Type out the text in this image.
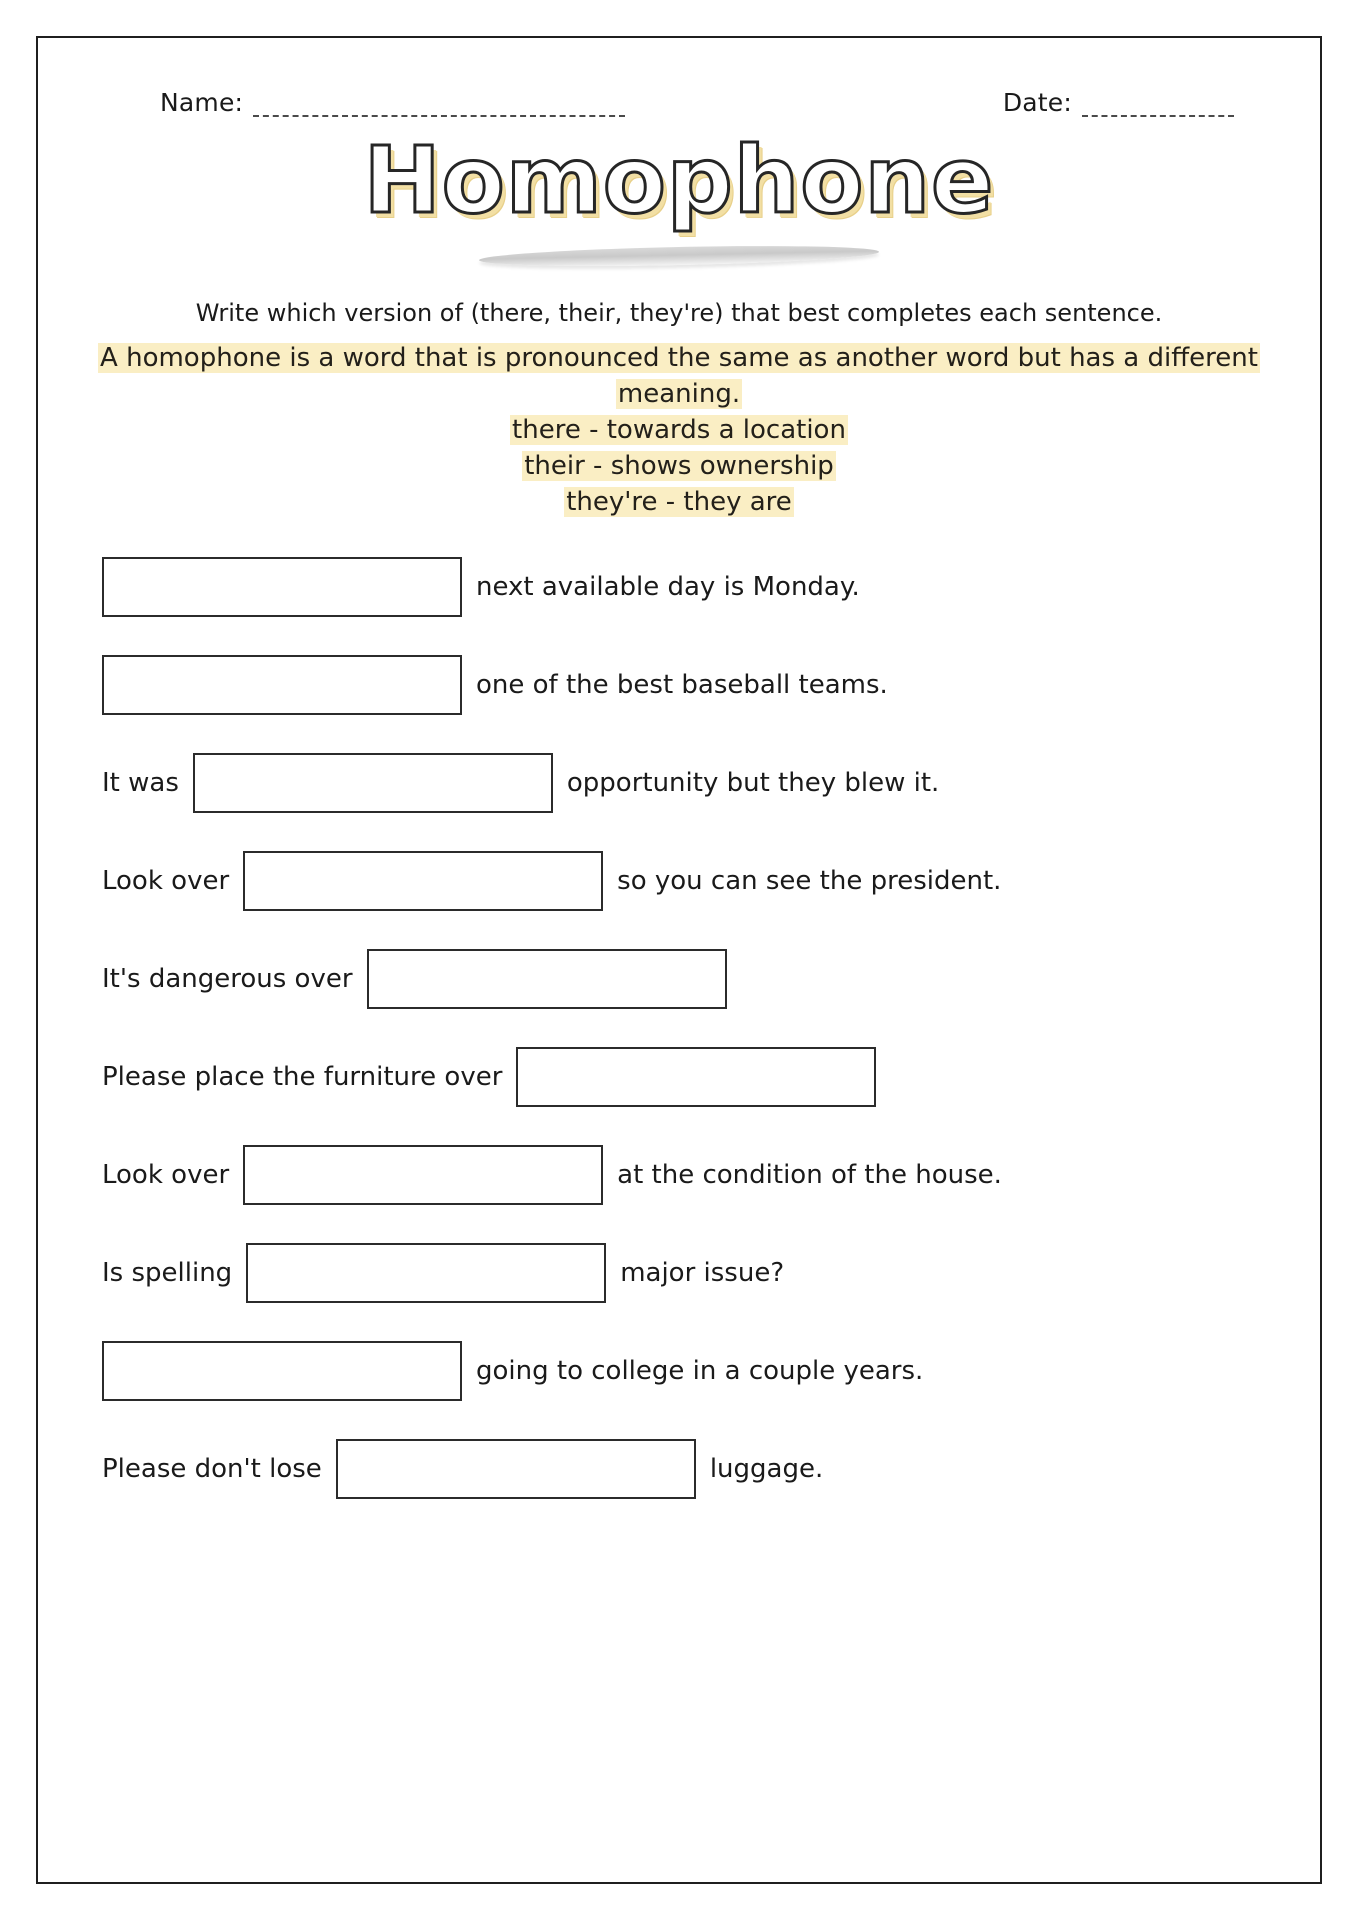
Name:	Date:
Homophone
Write which version of (there, their, they're) that best completes each sentence.
A homophone is a word that is pronounced the same as another word but has a different meaning.
there - towards a location
their - shows ownership
they're - they are
next available day is Monday.
one of the best baseball teams.
It was	opportunity but they blew it.
Look over	so you can see the president.
It's dangerous over
Please place the furniture over
Look over	at the condition of the house.
Is spelling	major issue?
going to college in a couple years.
Please don't lose	luggage.
